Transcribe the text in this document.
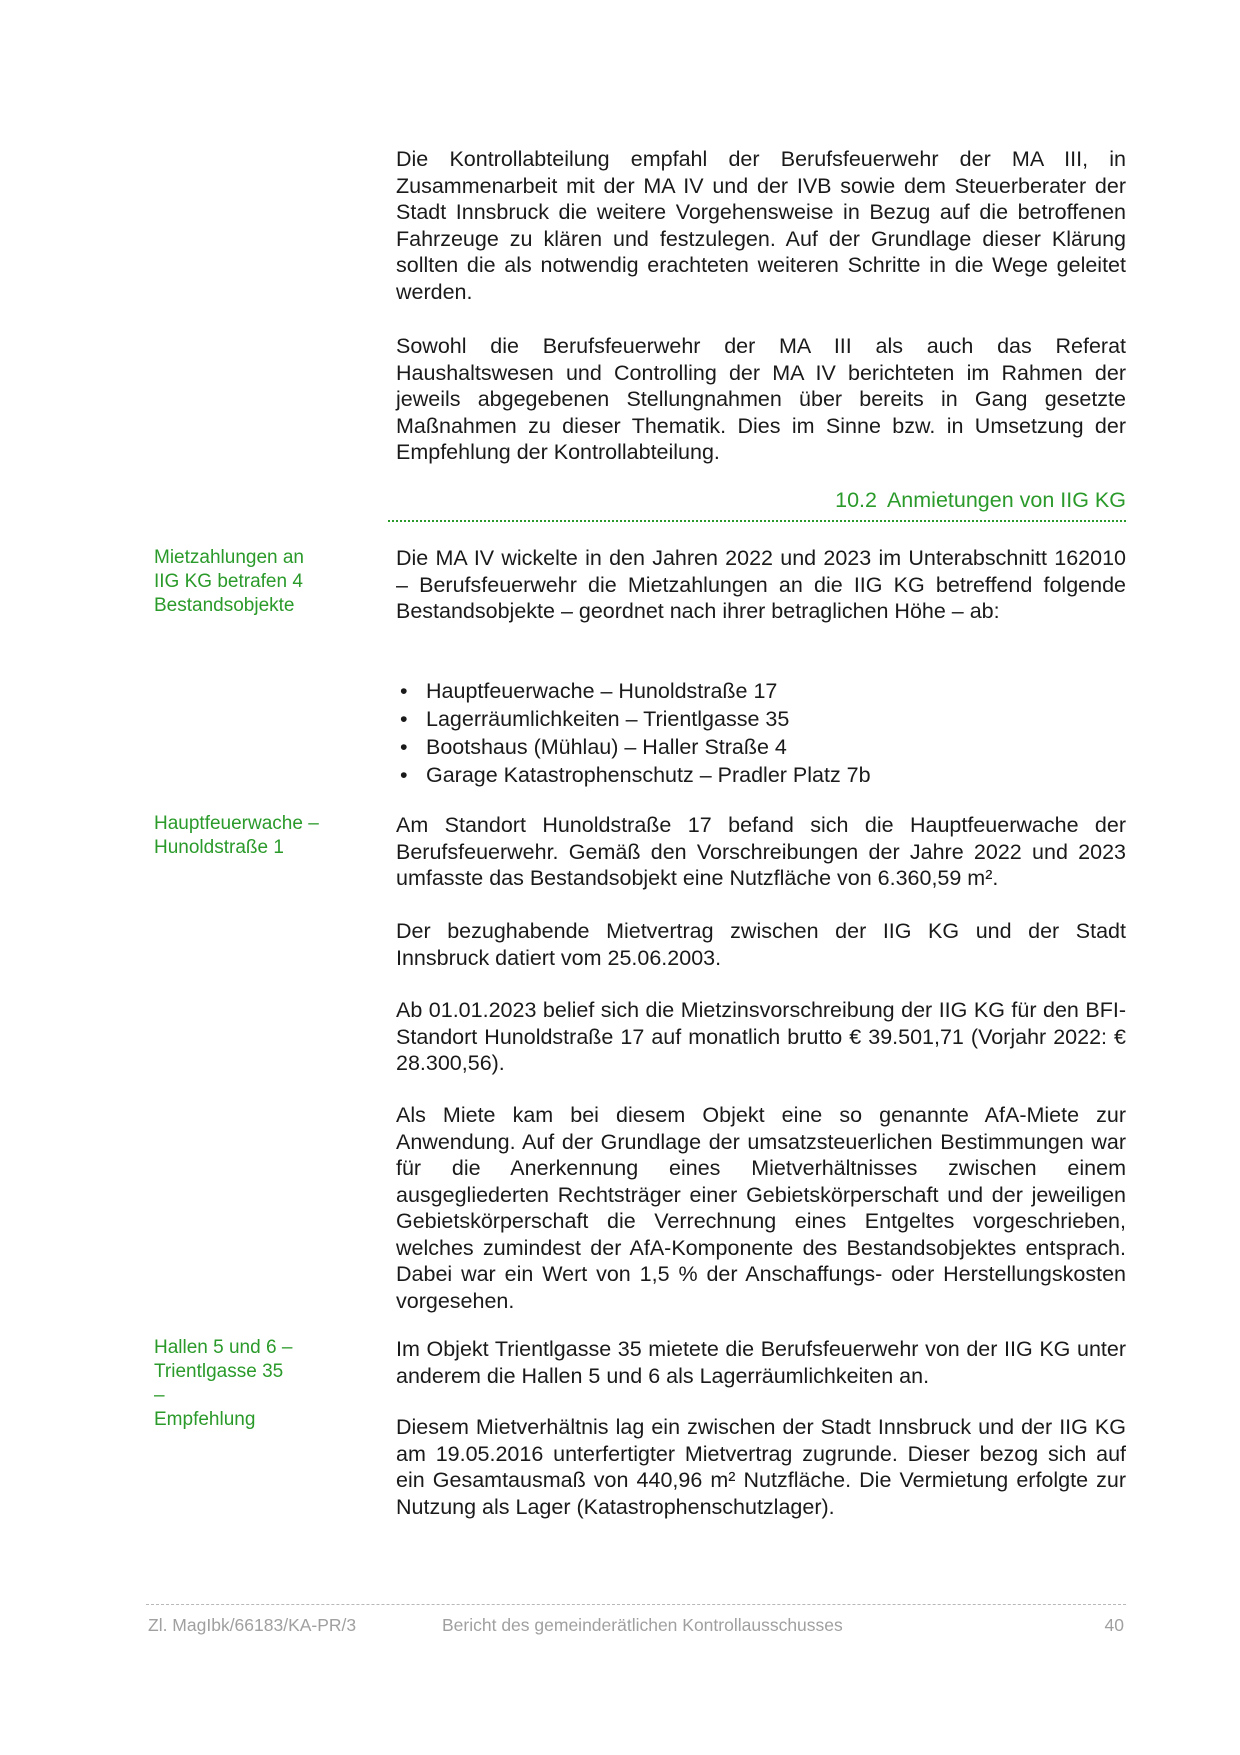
Die Kontrollabteilung empfahl der Berufsfeuerwehr der MA III, in Zusammenarbeit mit der MA IV und der IVB sowie dem Steuerberater der Stadt Innsbruck die weitere Vorgehensweise in Bezug auf die betroffenen Fahrzeuge zu klären und festzulegen. Auf der Grundlage dieser Klärung sollten die als notwendig erachteten weiteren Schritte in die Wege geleitet werden.

Sowohl die Berufsfeuerwehr der MA III als auch das Referat Haushaltswesen und Controlling der MA IV berichteten im Rahmen der jeweils abgegebenen Stellungnahmen über bereits in Gang gesetzte Maßnahmen zu dieser Thematik. Dies im Sinne bzw. in Umsetzung der Empfehlung der Kontrollabteilung.

10.2 Anmietungen von IIG KG
Mietzahlungen an
IIG KG betrafen 4
Bestandsobjekte

Die MA IV wickelte in den Jahren 2022 und 2023 im Unterabschnitt 162010 – Berufsfeuerwehr die Mietzahlungen an die IIG KG betreffend folgende Bestandsobjekte – geordnet nach ihrer betraglichen Höhe – ab:

• Hauptfeuerwache – Hunoldstraße 17
• Lagerräumlichkeiten – Trientlgasse 35
• Bootshaus (Mühlau) – Haller Straße 4
• Garage Katastrophenschutz – Pradler Platz 7b
Hauptfeuerwache –
Hunoldstraße 1

Am Standort Hunoldstraße 17 befand sich die Hauptfeuerwache der Berufsfeuerwehr. Gemäß den Vorschreibungen der Jahre 2022 und 2023 umfasste das Bestandsobjekt eine Nutzfläche von 6.360,59 m².

Der bezughabende Mietvertrag zwischen der IIG KG und der Stadt Innsbruck datiert vom 25.06.2003.

Ab 01.01.2023 belief sich die Mietzinsvorschreibung der IIG KG für den BFI-Standort Hunoldstraße 17 auf monatlich brutto € 39.501,71 (Vorjahr 2022: € 28.300,56).

Als Miete kam bei diesem Objekt eine so genannte AfA-Miete zur Anwendung. Auf der Grundlage der umsatzsteuerlichen Bestimmungen war für die Anerkennung eines Mietverhältnisses zwischen einem ausgegliederten Rechtsträger einer Gebietskörperschaft und der jeweiligen Gebietskörperschaft die Verrechnung eines Entgeltes vorgeschrieben, welches zumindest der AfA-Komponente des Bestandsobjektes entsprach. Dabei war ein Wert von 1,5 % der Anschaffungs- oder Herstellungskosten vorgesehen.

Hallen 5 und 6 –
Trientlgasse 35
–
Empfehlung

Im Objekt Trientlgasse 35 mietete die Berufsfeuerwehr von der IIG KG unter anderem die Hallen 5 und 6 als Lagerräumlichkeiten an.

Diesem Mietverhältnis lag ein zwischen der Stadt Innsbruck und der IIG KG am 19.05.2016 unterfertigter Mietvertrag zugrunde. Dieser bezog sich auf ein Gesamtausmaß von 440,96 m² Nutzfläche. Die Vermietung erfolgte zur Nutzung als Lager (Katastrophenschutzlager).

Zl. MagIbk/66183/KA-PR/3	Bericht des gemeinderätlichen Kontrollausschusses	40
